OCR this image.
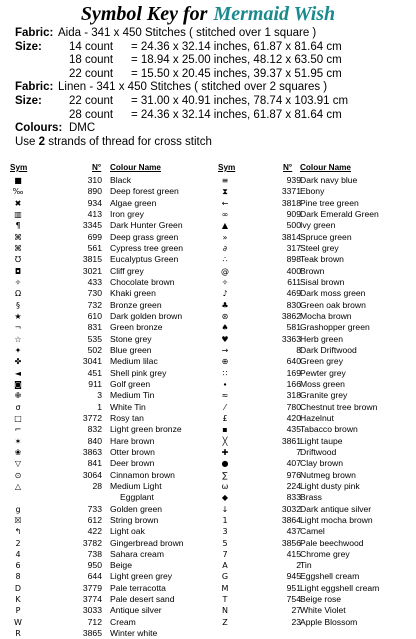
Symbol Key for Mermaid Wish
Fabric: Aida - 341 x 450 Stitches ( stitched over 1 square )
Size: 14 count = 24.36 x 32.14 inches, 61.87 x 81.64 cm
18 count = 18.94 x 25.00 inches, 48.12 x 63.50 cm
22 count = 15.50 x 20.45 inches, 39.37 x 51.95 cm
Fabric: Linen - 341 x 450 Stitches ( stitched over 2 squares )
Size: 22 count = 31.00 x 40.91 inches, 78.74 x 103.91 cm
28 count = 24.36 x 32.14 inches, 61.87 x 81.64 cm
Colours: DMC
Use 2 strands of thread for cross stitch
Sym	N° Colour Name	Sym	N° Colour Name
■	310 Black
‰	890 Deep forest green
✖	934 Algae green
▥	413 Iron grey
¶	3345 Dark Hunter Green
⌘	699 Deep grass green
⌘	561 Cypress tree green
℧	3815 Eucalyptus Green
◘	3021 Cliff grey
✧	433 Chocolate brown
Ω	730 Khaki green
§	732 Bronze green
★	610 Dark golden brown
¬	831 Green bronze
☆	535 Stone grey
✦	502 Blue green
✤	3041 Medium lilac
◄	451 Shell pink grey
◙	911 Golf green
✙	3 Medium Tin
σ	1 White Tin
□	3772 Rosy tan
⌐	832 Light green bronze
✶	840 Hare brown
❀	3863 Otter brown
▽	841 Deer brown
⊙	3064 Cinnamon brown
△	28 Medium Light
Eggplant
g	733 Golden green
☒	612 String brown
↰	422 Light oak
2	3782 Gingerbread brown
4	738 Sahara cream
6	950 Beige
8	644 Light green grey
D	3779 Pale terracotta
K	3774 Pale desert sand
P	3033 Antique silver
W	712 Cream
R	3865 Winter white
≡	939 Dark navy blue
⧗	3371 Ebony
←	3818 Pine tree green
∞	909 Dark Emerald Green
▲	500 Ivy green
»	3814 Spruce green
∂	317 Steel grey
∴	898 Teak brown
@	400 Brown
✧	611 Sisal brown
♪	469 Dark moss green
♣	830 Green oak brown
⊛	3862 Mocha brown
♠	581 Grashopper green
♥	3363 Herb green
→	8 Dark Driftwood
⊕	640 Green grey
∷	169 Pewter grey
∙	166 Moss green
≈	318 Granite grey
⁄	780 Chestnut tree brown
£	420 Hazelnut
▪	435 Tabacco brown
╳	3861 Light taupe
✚	7 Driftwood
●	407 Clay brown
∑	976 Nutmeg brown
ω	224 Light dusty pink
◆	833 Brass
↓	3032 Dark antique silver
1	3864 Light mocha brown
3	437 Camel
5	3856 Pale beechwood
7	415 Chrome grey
A	2 Tin
G	945 Eggshell cream
M	951 Light eggshell cream
T	754 Beige rose
N	27 White Violet
Z	23 Apple Blossom
